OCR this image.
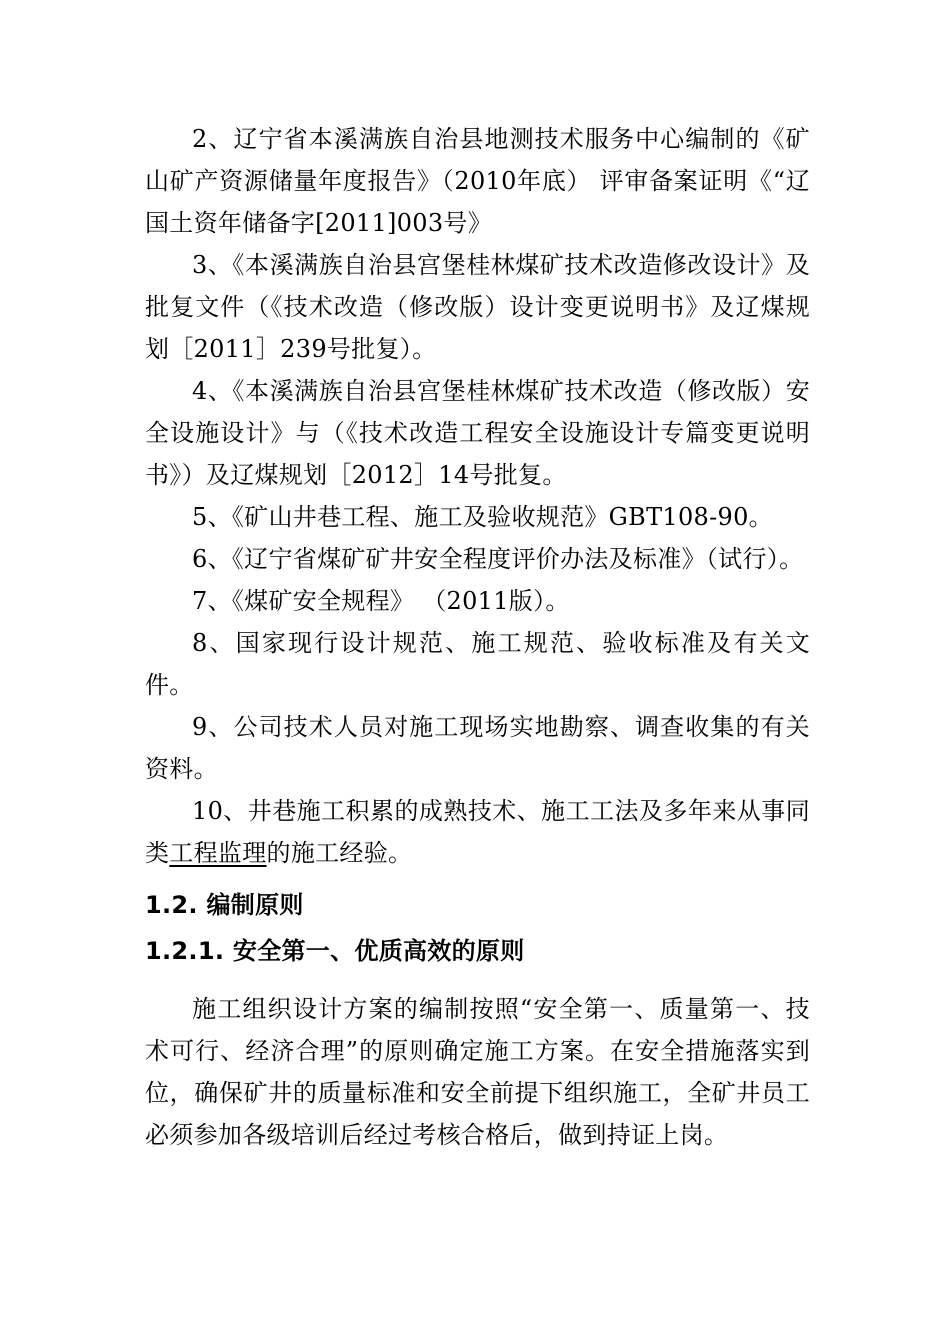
2、辽宁省本溪满族自治县地测技术服务中心编制的《矿山矿产资源储量年度报告》（2010年底） 评审备案证明《“辽国土资年储备字[2011]003号》

3、《本溪满族自治县宫堡桂林煤矿技术改造修改设计》及批复文件（《技术改造（修改版）设计变更说明书》及辽煤规划［2011］239号批复）。

4、《本溪满族自治县宫堡桂林煤矿技术改造（修改版）安全设施设计》与（《技术改造工程安全设施设计专篇变更说明书》）及辽煤规划［2012］14号批复。

5、《矿山井巷工程、施工及验收规范》GBT108-90。

6、《辽宁省煤矿矿井安全程度评价办法及标准》（试行）。

7、《煤矿安全规程》 （2011版）。

8、国家现行设计规范、施工规范、验收标准及有关文件。

9、公司技术人员对施工现场实地勘察、调查收集的有关资料。

10、井巷施工积累的成熟技术、施工工法及多年来从事同类工程监理的施工经验。

1.2. 编制原则
1.2.1. 安全第一、优质高效的原则

施工组织设计方案的编制按照“安全第一、质量第一、技术可行、经济合理”的原则确定施工方案。在安全措施落实到位，确保矿井的质量标准和安全前提下组织施工，全矿井员工必须参加各级培训后经过考核合格后，做到持证上岗。
